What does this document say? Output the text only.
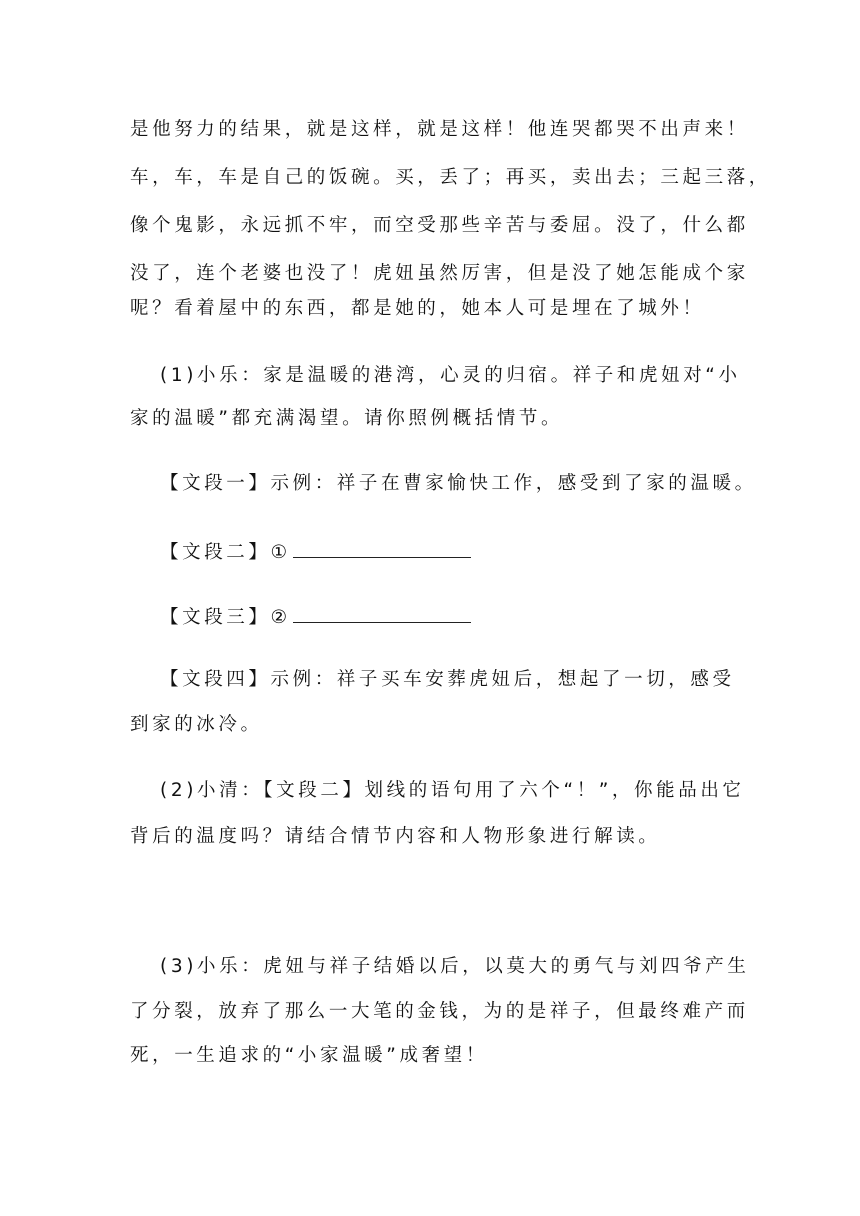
是他努力的结果，就是这样，就是这样！他连哭都哭不出声来！
车，车，车是自己的饭碗。买，丢了；再买，卖出去；三起三落，
像个鬼影，永远抓不牢，而空受那些辛苦与委屈。没了，什么都
没了，连个老婆也没了！虎妞虽然厉害，但是没了她怎能成个家
呢？看着屋中的东西，都是她的，她本人可是埋在了城外！
(1)小乐：家是温暖的港湾，心灵的归宿。祥子和虎妞对“小
家的温暖”都充满渴望。请你照例概括情节。
【文段一】示例：祥子在曹家愉快工作，感受到了家的温暖。
【文段二】①
【文段三】②
【文段四】示例：祥子买车安葬虎妞后，想起了一切，感受
到家的冰冷。
(2)小清：【文段二】划线的语句用了六个“！”，你能品出它
背后的温度吗？请结合情节内容和人物形象进行解读。
(3)小乐：虎妞与祥子结婚以后，以莫大的勇气与刘四爷产生
了分裂，放弃了那么一大笔的金钱，为的是祥子，但最终难产而
死，一生追求的“小家温暖”成奢望！
